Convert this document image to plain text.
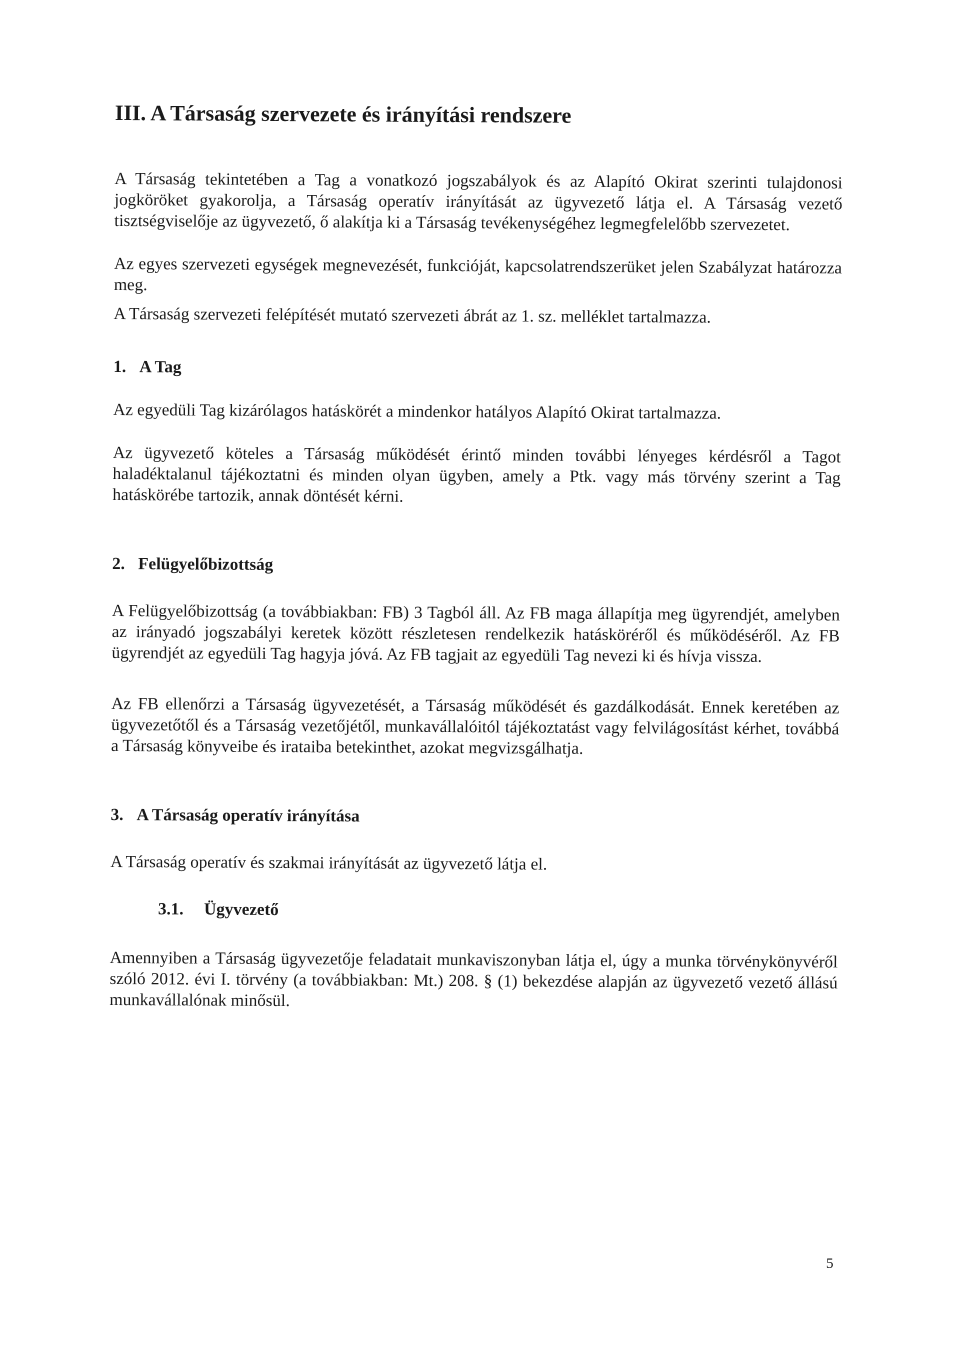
III. A Társaság szervezete és irányítási rendszere

A Társaság tekintetében a Tag a vonatkozó jogszabályok és az Alapító Okirat szerinti tulajdonosi jogköröket gyakorolja, a Társaság operatív irányítását az ügyvezető látja el. A Társaság vezető tisztségviselője az ügyvezető, ő alakítja ki a Társaság tevékenységéhez legmegfelelőbb szervezetet.

Az egyes szervezeti egységek megnevezését, funkcióját, kapcsolatrendszerüket jelen Szabályzat határozza meg.

A Társaság szervezeti felépítését mutató szervezeti ábrát az 1. sz. melléklet tartalmazza.

1. A Tag

Az egyedüli Tag kizárólagos hatáskörét a mindenkor hatályos Alapító Okirat tartalmazza.

Az ügyvezető köteles a Társaság működését érintő minden további lényeges kérdésről a Tagot haladéktalanul tájékoztatni és minden olyan ügyben, amely a Ptk. vagy más törvény szerint a Tag hatáskörébe tartozik, annak döntését kérni.

2. Felügyelőbizottság

A Felügyelőbizottság (a továbbiakban: FB) 3 Tagból áll. Az FB maga állapítja meg ügyrendjét, amelyben az irányadó jogszabályi keretek között részletesen rendelkezik hatásköréről és működéséről. Az FB ügyrendjét az egyedüli Tag hagyja jóvá. Az FB tagjait az egyedüli Tag nevezi ki és hívja vissza.

Az FB ellenőrzi a Társaság ügyvezetését, a Társaság működését és gazdálkodását. Ennek keretében az ügyvezetőtől és a Társaság vezetőjétől, munkavállalóitól tájékoztatást vagy felvilágosítást kérhet, továbbá a Társaság könyveibe és irataiba betekinthet, azokat megvizsgálhatja.

3. A Társaság operatív irányítása

A Társaság operatív és szakmai irányítását az ügyvezető látja el.

3.1. Ügyvezető

Amennyiben a Társaság ügyvezetője feladatait munkaviszonyban látja el, úgy a munka törvénykönyvéről szóló 2012. évi I. törvény (a továbbiakban: Mt.) 208. § (1) bekezdése alapján az ügyvezető vezető állású munkavállalónak minősül.

5
